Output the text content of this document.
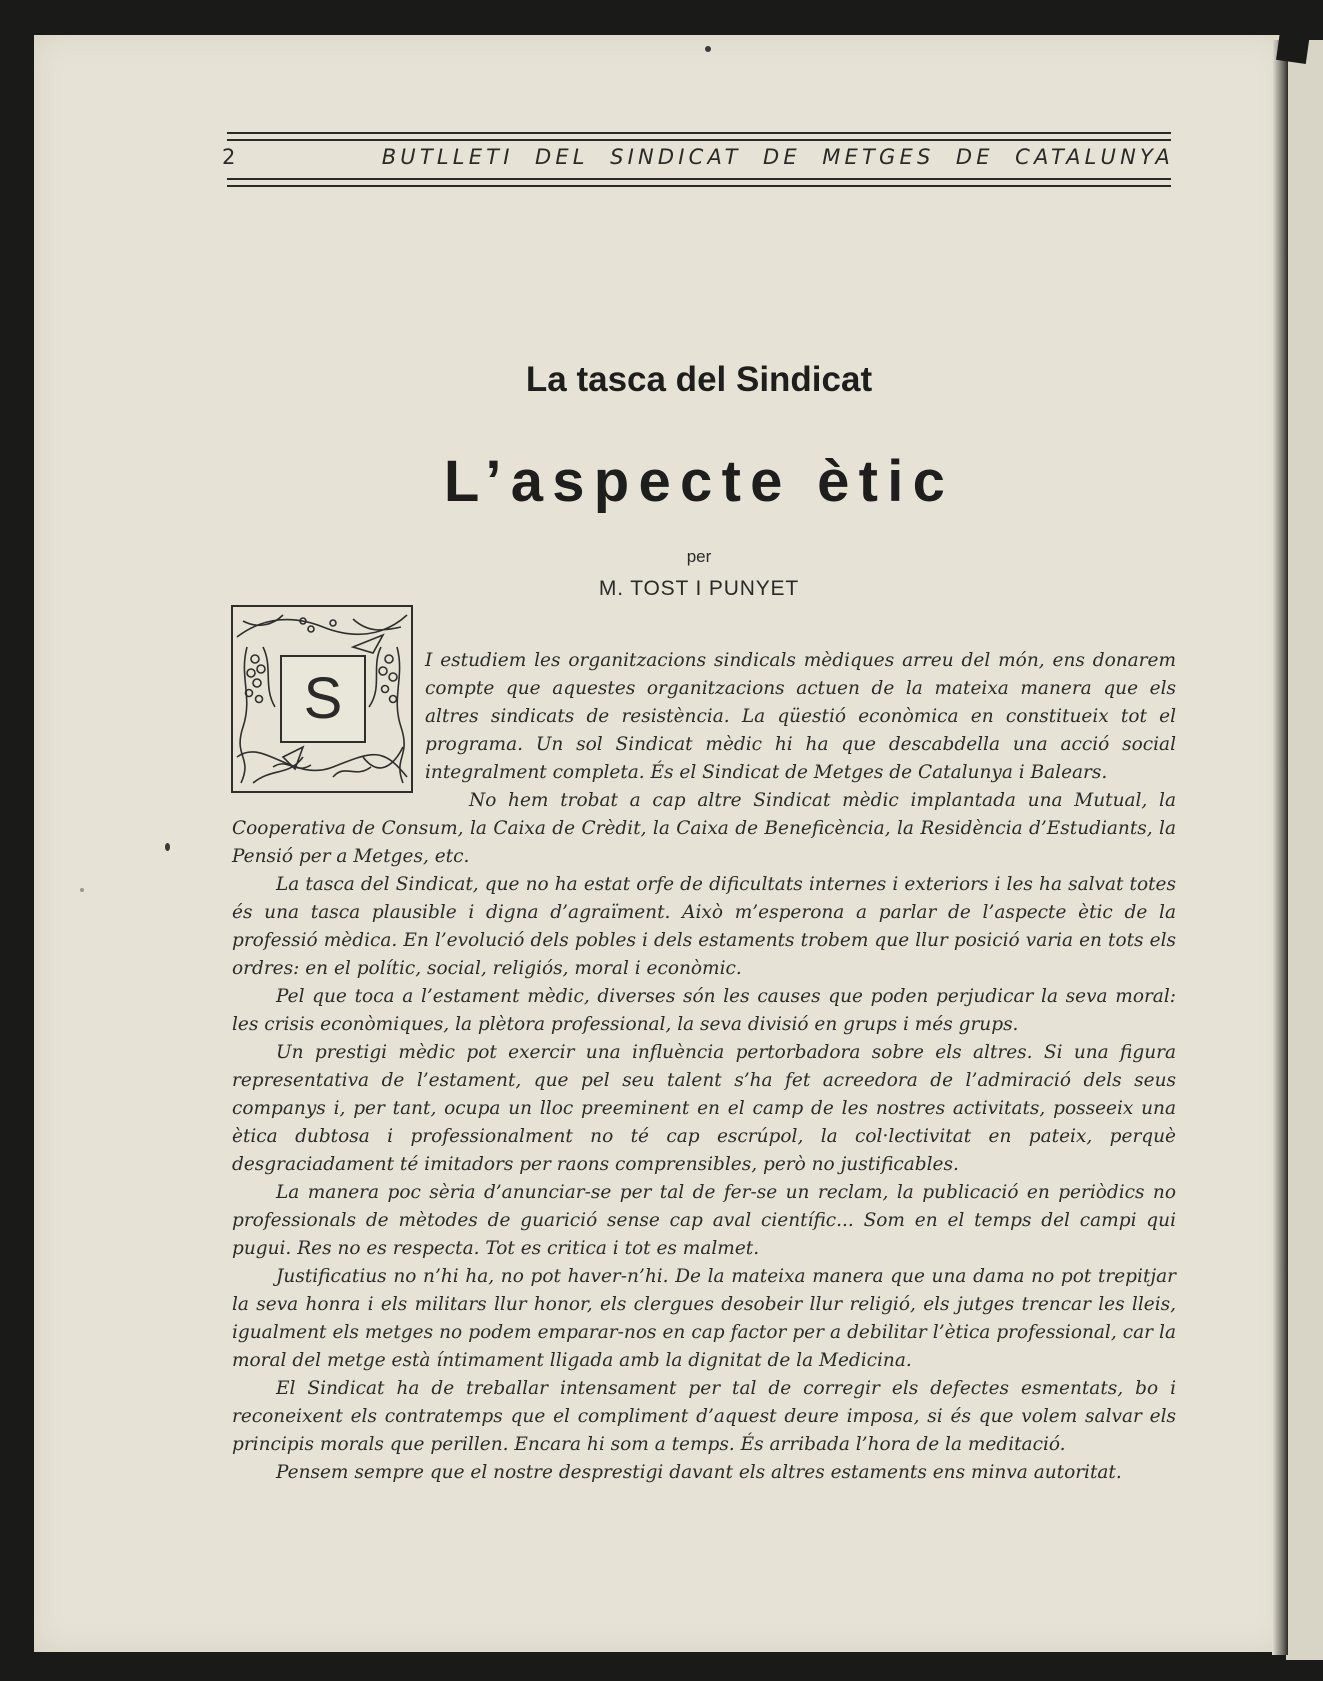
2	BUTLLETI DEL SINDICAT DE METGES DE CATALUNYA
La tasca del Sindicat
L’aspecte ètic
per
M. TOST I PUNYET

S
I estudiem les organitzacions sindicals mèdiques arreu del món, ens donarem compte que aquestes organitzacions actuen de la mateixa manera que els altres sindicats de resistència. La qüestió econòmica en constitueix tot el programa. Un sol Sindicat mèdic hi ha que descabdella una acció social integralment completa. És el Sindicat de Metges de Catalunya i Balears.

No hem trobat a cap altre Sindicat mèdic implantada una Mutual, la Cooperativa de Consum, la Caixa de Crèdit, la Caixa de Beneficència, la Residència d’Estudiants, la Pensió per a Metges, etc.

La tasca del Sindicat, que no ha estat orfe de dificultats internes i exteriors i les ha salvat totes és una tasca plausible i digna d’agraïment. Això m’esperona a parlar de l’aspecte ètic de la professió mèdica. En l’evolució dels pobles i dels estaments trobem que llur posició varia en tots els ordres: en el polític, social, religiós, moral i econòmic.

Pel que toca a l’estament mèdic, diverses són les causes que poden perjudicar la seva moral: les crisis econòmiques, la plètora professional, la seva divisió en grups i més grups.

Un prestigi mèdic pot exercir una influència pertorbadora sobre els altres. Si una figura representativa de l’estament, que pel seu talent s’ha fet acreedora de l’admiració dels seus companys i, per tant, ocupa un lloc preeminent en el camp de les nostres activitats, posseeix una ètica dubtosa i professionalment no té cap escrúpol, la col·lectivitat en pateix, perquè desgraciadament té imitadors per raons comprensibles, però no justificables.

La manera poc sèria d’anunciar-se per tal de fer-se un reclam, la publicació en periòdics no professionals de mètodes de guarició sense cap aval científic... Som en el temps del campi qui pugui. Res no es respecta. Tot es critica i tot es malmet.

Justificatius no n’hi ha, no pot haver-n’hi. De la mateixa manera que una dama no pot trepitjar la seva honra i els militars llur honor, els clergues desobeir llur religió, els jutges trencar les lleis, igualment els metges no podem emparar-nos en cap factor per a debilitar l’ètica professional, car la moral del metge està íntimament lligada amb la dignitat de la Medicina.

El Sindicat ha de treballar intensament per tal de corregir els defectes esmentats, bo i reconeixent els contratemps que el compliment d’aquest deure imposa, si és que volem salvar els principis morals que perillen. Encara hi som a temps. És arribada l’hora de la meditació.

Pensem sempre que el nostre desprestigi davant els altres estaments ens minva autoritat.
